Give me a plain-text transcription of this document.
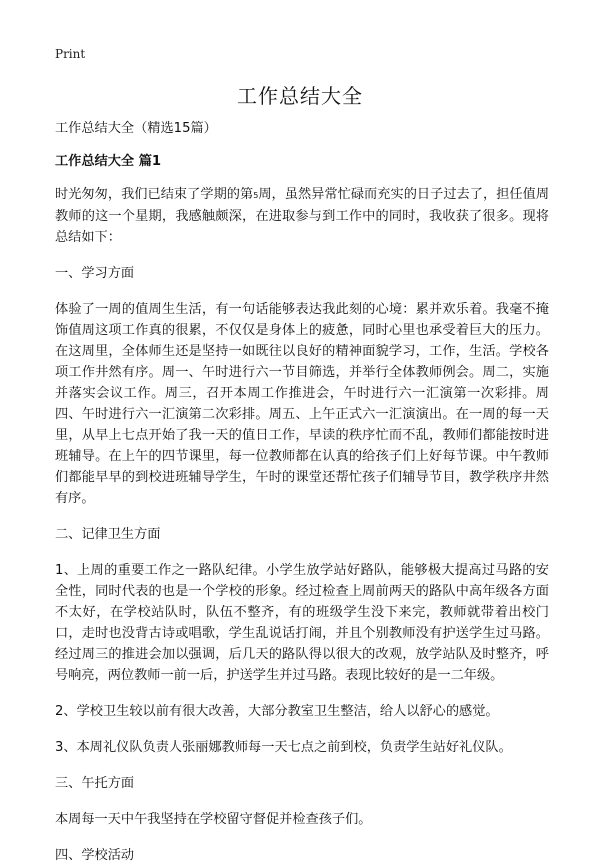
Print
工作总结大全

工作总结大全（精选15篇）

工作总结大全 篇1

时光匆匆，我们已结束了学期的第5周，虽然异常忙碌而充实的日子过去了，担任值周教师的这一个星期，我感触颇深，在进取参与到工作中的同时，我收获了很多。现将总结如下：

一、学习方面

体验了一周的值周生生活，有一句话能够表达我此刻的心境：累并欢乐着。我毫不掩饰值周这项工作真的很累，不仅仅是身体上的疲惫，同时心里也承受着巨大的压力。在这周里，全体师生还是坚持一如既往以良好的精神面貌学习，工作，生活。学校各项工作井然有序。周一、午时进行六一节目筛选，并举行全体教师例会。周二，实施并落实会议工作。周三，召开本周工作推进会，午时进行六一汇演第一次彩排。周四、午时进行六一汇演第二次彩排。周五、上午正式六一汇演演出。在一周的每一天里，从早上七点开始了我一天的值日工作，早读的秩序忙而不乱，教师们都能按时进班辅导。在上午的四节课里，每一位教师都在认真的给孩子们上好每节课。中午教师们都能早早的到校进班辅导学生，午时的课堂还帮忙孩子们辅导节目，教学秩序井然有序。

二、记律卫生方面

1、上周的重要工作之一路队纪律。小学生放学站好路队，能够极大提高过马路的安全性，同时代表的也是一个学校的形象。经过检查上周前两天的路队中高年级各方面不太好，在学校站队时，队伍不整齐，有的班级学生没下来完，教师就带着出校门口，走时也没背古诗或唱歌，学生乱说话打闹，并且个别教师没有护送学生过马路。经过周三的推进会加以强调，后几天的路队得以很大的改观，放学站队及时整齐，呼号响亮，两位教师一前一后，护送学生并过马路。表现比较好的是一二年级。

2、学校卫生较以前有很大改善，大部分教室卫生整洁，给人以舒心的感觉。

3、本周礼仪队负责人张丽娜教师每一天七点之前到校，负责学生站好礼仪队。

三、午托方面

本周每一天中午我坚持在学校留守督促并检查孩子们。

四、学校活动
